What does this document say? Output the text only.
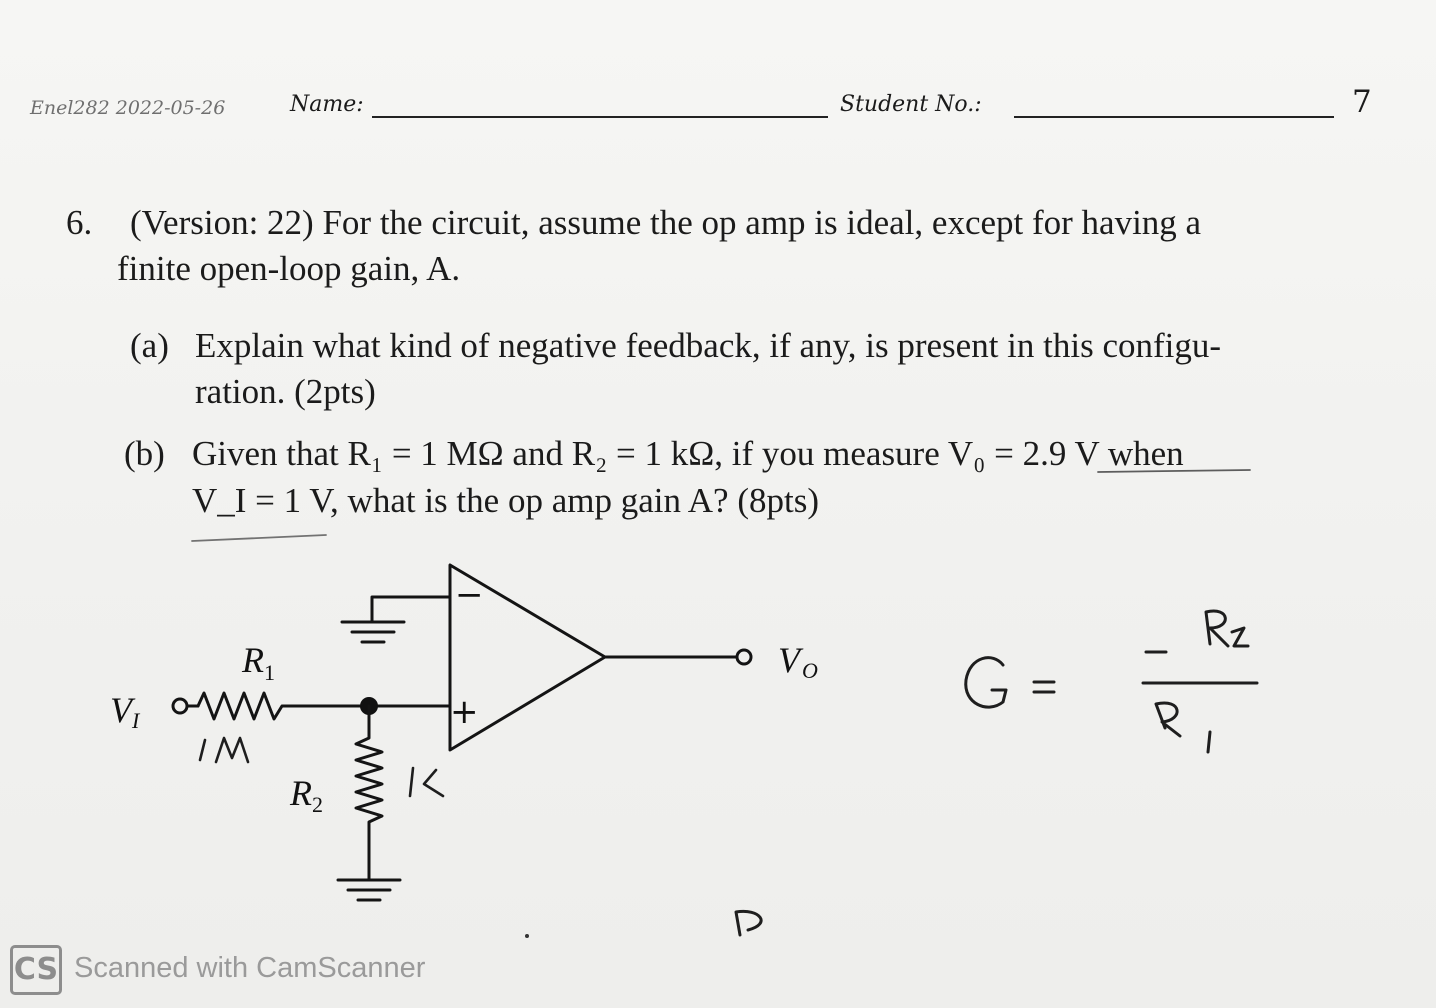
Enel282 2022-05-26	Name:	Student No.:	7
6. (Version: 22) For the circuit, assume the op amp is ideal, except for having a
finite open-loop gain, A.
(a) Explain what kind of negative feedback, if any, is present in this configu-
ration. (2pts)
(b) Given that R₁ = 1 MΩ and R₂ = 1 kΩ, if you measure V₀ = 2.9 V when
V_I = 1 V, what is the op amp gain A? (8pts)
−
+
V O
V I
R 1
R 2
CS Scanned with CamScanner
